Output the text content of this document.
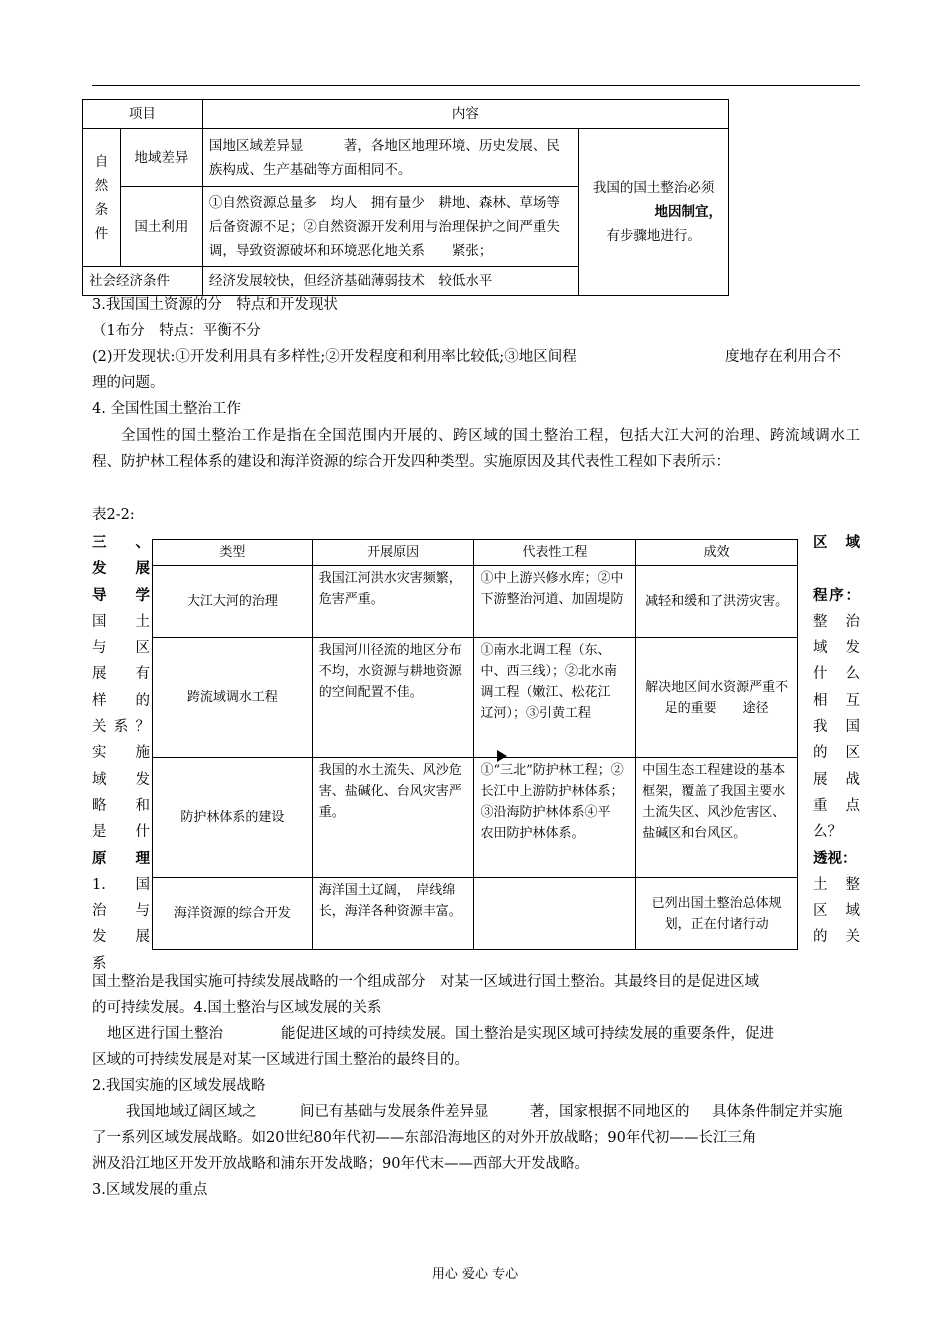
项目		内容	

自然条件	地域差异	国地区域差异显　　　著，各地区地理环境、历史发展、民族构成、生产基础等方面相同不。	我国的国土整治必须
地因制宜，
有步骤地进行。

	国土利用	①自然资源总量多　均人　拥有量少　耕地、森林、草场等后备资源不足；②自然资源开发利用与治理保护之间严重失调，导致资源破坏和环境恶化地关系　　紧张；	
社会经济条件		经济发展较快，但经济基础薄弱技术　较低水平	
3.我国国土资源的分　特点和开发现状
（1布分　特点：平衡不分
(2)开发现状:①开发利用具有多样性;②开发程度和利用率比较低;③地区间程	度地存在利用合不
理的问题。
4. 全国性国土整治工作
全国性的国土整治工作是指在全国范围内开展的、跨区域的国土整治工程，包括大江大河的治理、跨流域调水工程、防护林工程体系的建设和海洋资源的综合开发四种类型。实施原因及其代表性工程如下表所示：
表2-2:
三　、
发展
导　学
国　土
与　区
展　有
样　的
关系？
实　施
域　发
略　和
是　什
原　理
1.　国
治　与
发　展
系
区　域
程序：
整　治
域　发
什　么
相　互
我　国
的　区
展　战
重　点
么？
透视：
土　整
区　域
的　关
类型	开展原因	代表性工程	成效
大江大河的治理	我国江河洪水灾害频繁，危害严重。	①中上游兴修水库；②中下游整治河道、加固堤防	减轻和缓和了洪涝灾害。
跨流域调水工程	我国河川径流的地区分布不均，水资源与耕地资源的空间配置不佳。	①南水北调工程（东、中、西三线）；②北水南调工程（嫩江、松花江　　辽河）；③引黄工程	解决地区间水资源严重不足的重要　　途径
防护林体系的建设	我国的水土流失、风沙危害、盐碱化、台风灾害严重。	①“三北”防护林工程；②长江中上游防护林体系；③沿海防护林体系④平　农田防护林体系。	中国生态工程建设的基本框架，覆盖了我国主要水土流失区、风沙危害区、盐碱区和台风区。
海洋资源的综合开发	海洋国土辽阔，　岸线绵长，海洋各种资源丰富。		已列出国土整治总体规划，正在付诸行动
国土整治是我国实施可持续发展战略的一个组成部分　对某一区域进行国土整治。其最终目的是促进区域
的可持续发展。4.国土整治与区域发展的关系
地区进行国土整治　　　　能促进区域的可持续发展。国土整治是实现区域可持续发展的重要条件，促进
区域的可持续发展是对某一区域进行国土整治的最终目的。
2.我国实施的区域发展战略
我国地域辽阔区域之	间已有基础与发展条件差异显	著，国家根据不同地区的 具体条件制定并实施
了一系列区域发展战略。如20世纪80年代初——东部沿海地区的对外开放战略；90年代初——长江三角
洲及沿江地区开发开放战略和浦东开发战略；90年代末——西部大开发战略。
3.区域发展的重点
用心 爱心 专心
